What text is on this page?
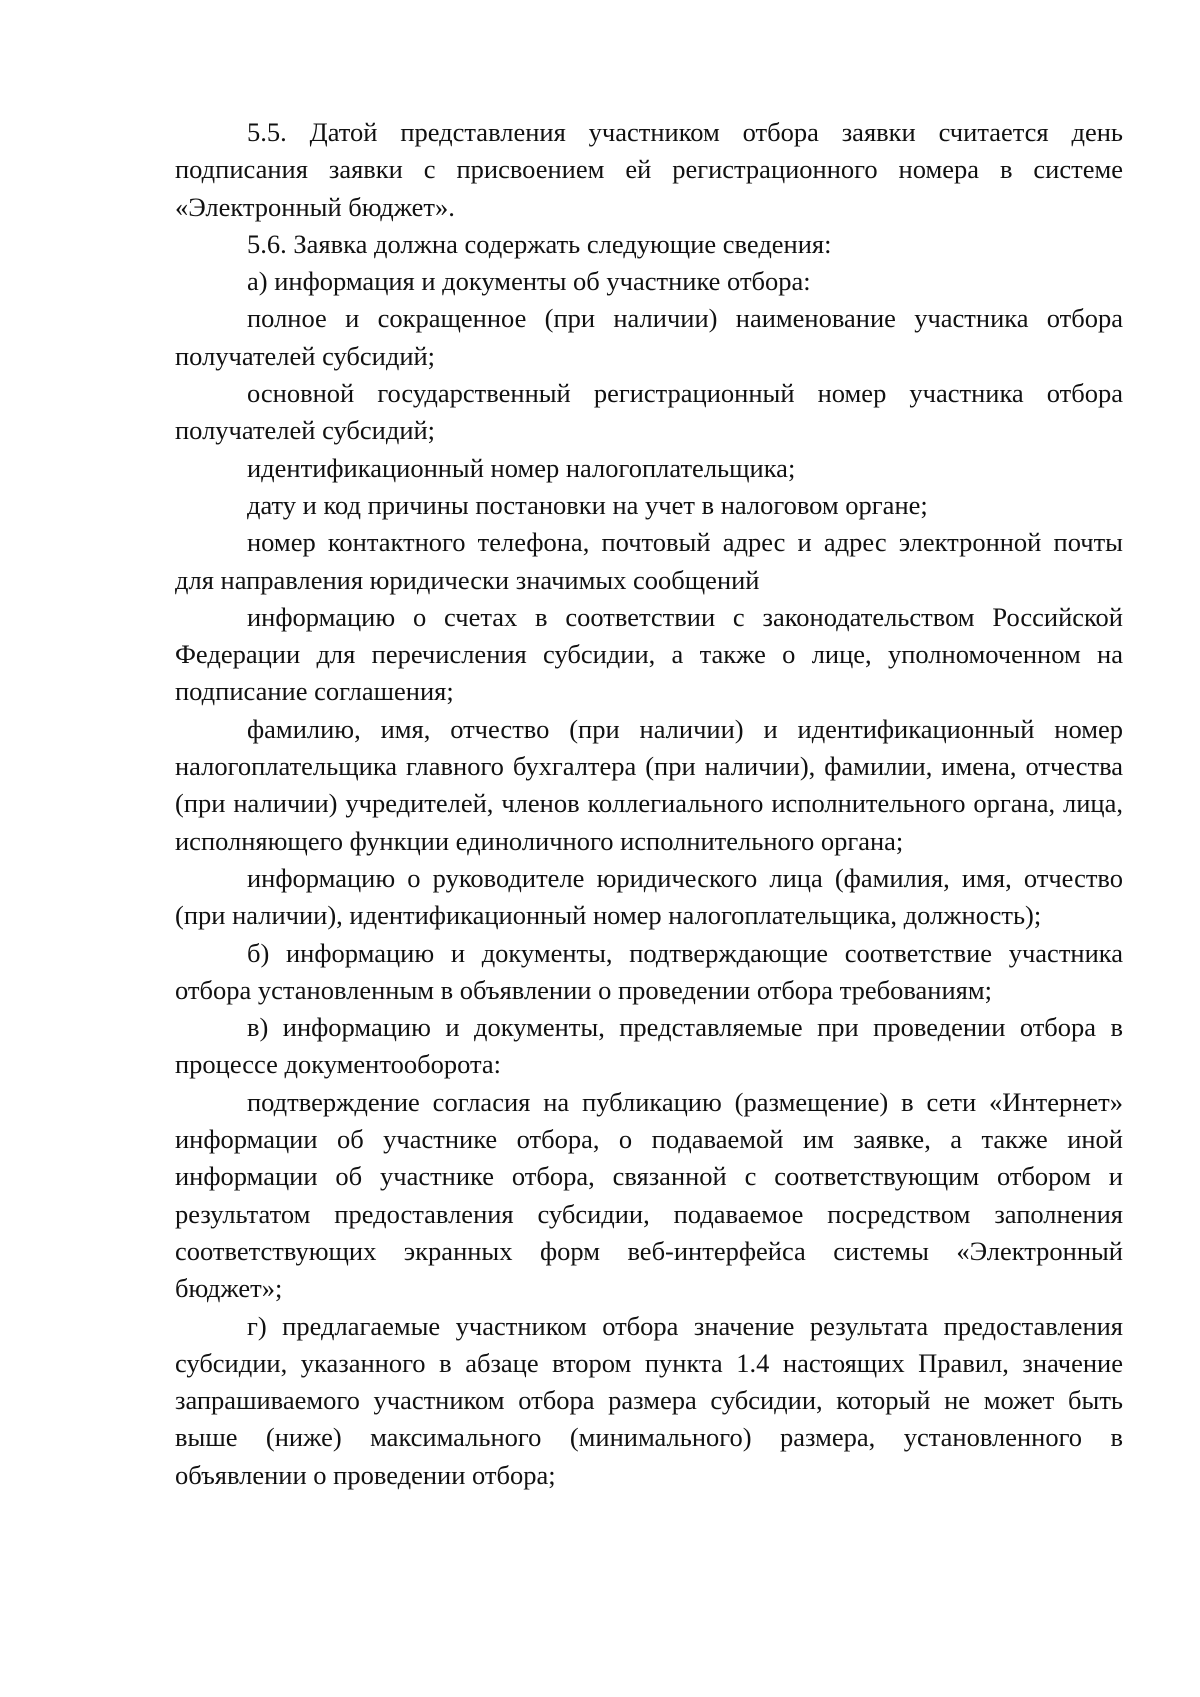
5.5. Датой представления участником отбора заявки считается день подписания заявки с присвоением ей регистрационного номера в системе «Электронный бюджет».

5.6. Заявка должна содержать следующие сведения:

а) информация и документы об участнике отбора:

полное и сокращенное (при наличии) наименование участника отбора получателей субсидий;

основной государственный регистрационный номер участника отбора получателей субсидий;

идентификационный номер налогоплательщика;

дату и код причины постановки на учет в налоговом органе;

номер контактного телефона, почтовый адрес и адрес электронной почты для направления юридически значимых сообщений

информацию о счетах в соответствии с законодательством Российской Федерации для перечисления субсидии, а также о лице, уполномоченном на подписание соглашения;

фамилию, имя, отчество (при наличии) и идентификационный номер налогоплательщика главного бухгалтера (при наличии), фамилии, имена, отчества (при наличии) учредителей, членов коллегиального исполнительного органа, лица, исполняющего функции единоличного исполнительного органа;

информацию о руководителе юридического лица (фамилия, имя, отчество (при наличии), идентификационный номер налогоплательщика, должность);

б) информацию и документы, подтверждающие соответствие участника отбора установленным в объявлении о проведении отбора требованиям;

в) информацию и документы, представляемые при проведении отбора в процессе документооборота:

подтверждение согласия на публикацию (размещение) в сети «Интернет» информации об участнике отбора, о подаваемой им заявке, а также иной информации об участнике отбора, связанной с соответствующим отбором и результатом предоставления субсидии, подаваемое посредством заполнения соответствующих экранных форм веб-интерфейса системы «Электронный бюджет»;

г) предлагаемые участником отбора значение результата предоставления субсидии, указанного в абзаце втором пункта 1.4 настоящих Правил, значение запрашиваемого участником отбора размера субсидии, который не может быть выше (ниже) максимального (минимального) размера, установленного в объявлении о проведении отбора;
